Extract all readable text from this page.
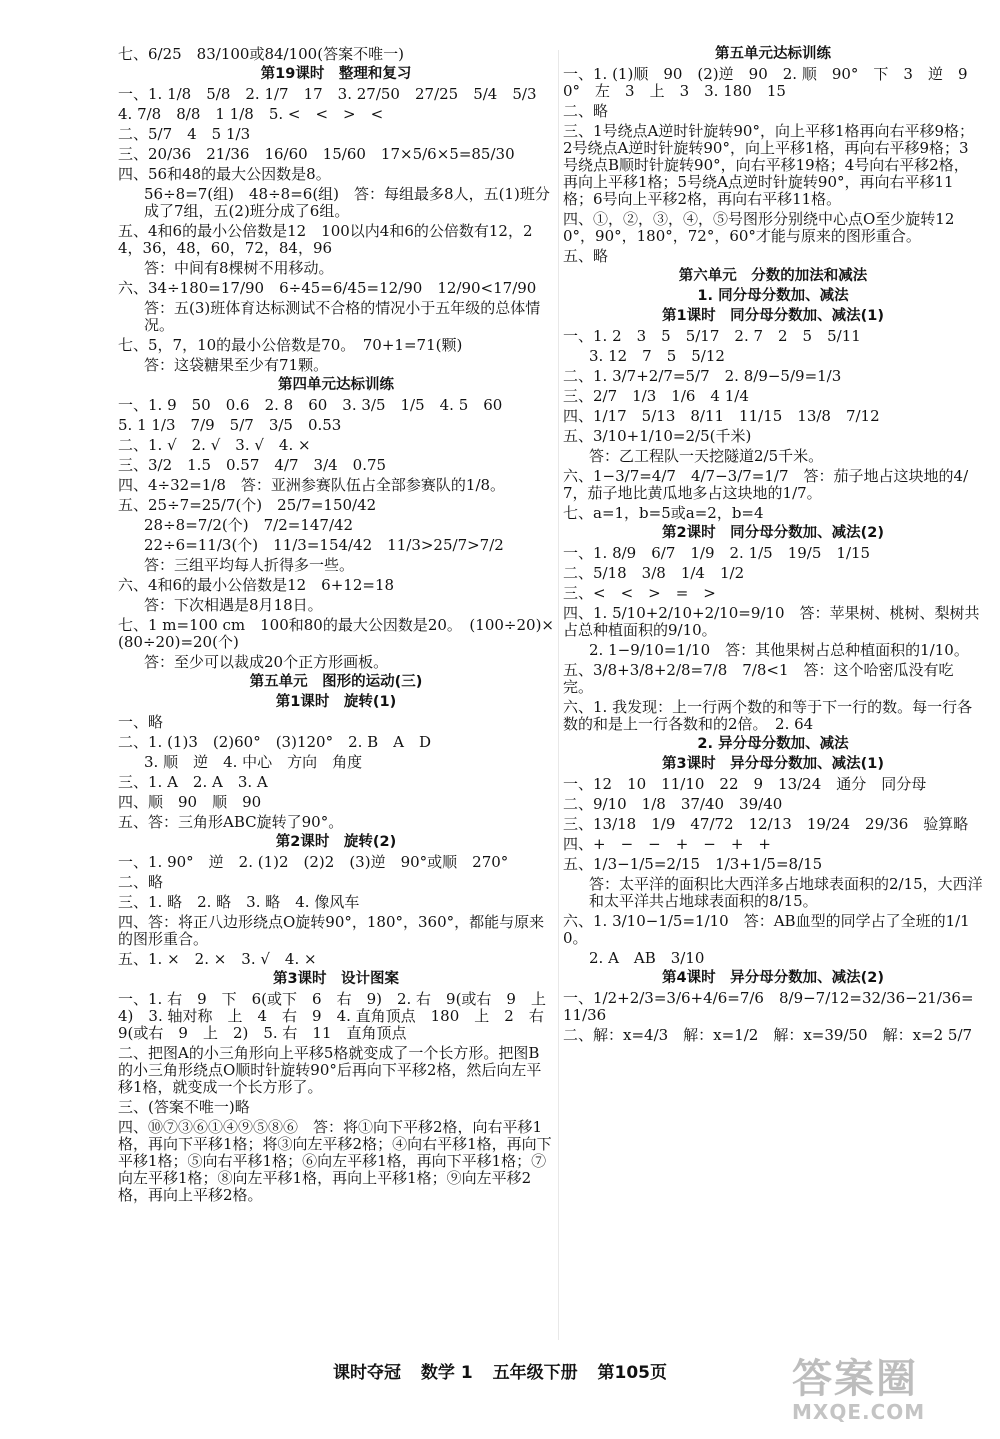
七、6/25　83/100或84/100(答案不唯一)
第19课时　整理和复习
一、1. 1/8　5/8　2. 1/7　17　3. 27/50　27/25　5/4　5/3
4. 7/8　8/8　1 1/8　5. <　<　>　<
二、5/7　4　5 1/3
三、20/36　21/36　16/60　15/60　17×5/6×5=85/30
四、56和48的最大公因数是8。
56÷8=7(组)　48÷8=6(组)　答：每组最多8人，五(1)班分成了7组，五(2)班分成了6组。
五、4和6的最小公倍数是12　100以内4和6的公倍数有12，24，36，48，60，72，84，96
答：中间有8棵树不用移动。
六、34÷180=17/90　6÷45=6/45=12/90　12/90<17/90
答：五(3)班体育达标测试不合格的情况小于五年级的总体情况。
七、5，7，10的最小公倍数是70。　70+1=71(颗)
答：这袋糖果至少有71颗。
第四单元达标训练
一、1. 9　50　0.6　2. 8　60　3. 3/5　1/5　4. 5　60
5. 1 1/3　7/9　5/7　3/5　0.53
二、1. √　2. √　3. √　4. ×
三、3/2　1.5　0.57　4/7　3/4　0.75
四、4÷32=1/8　答：亚洲参赛队伍占全部参赛队的1/8。
五、25÷7=25/7(个)　25/7=150/42
28÷8=7/2(个)　7/2=147/42
22÷6=11/3(个)　11/3=154/42　11/3>25/7>7/2
答：三组平均每人折得多一些。
六、4和6的最小公倍数是12　6+12=18
答：下次相遇是8月18日。
七、1 m=100 cm　100和80的最大公因数是20。　(100÷20)×(80÷20)=20(个)
答：至少可以裁成20个正方形画板。
第五单元　图形的运动(三)
第1课时　旋转(1)
一、略
二、1. (1)3　(2)60°　(3)120°　2. B　A　D
3. 顺　逆　4. 中心　方向　角度
三、1. A　2. A　3. A
四、顺　90　顺　90
五、答：三角形ABC旋转了90°。
第2课时　旋转(2)
一、1. 90°　逆　2. (1)2　(2)2　(3)逆　90°或顺　270°
二、略
三、1. 略　2. 略　3. 略　4. 像风车
四、答：将正八边形绕点O旋转90°，180°，360°，都能与原来的图形重合。
五、1. ×　2. ×　3. √　4. ×
第3课时　设计图案
一、1. 右　9　下　6(或下　6　右　9)　2. 右　9(或右　9　上　4)　3. 轴对称　上　4　右　9　4. 直角顶点　180　上　2　右　9(或右　9　上　2)　5. 右　11　直角顶点
二、把图A的小三角形向上平移5格就变成了一个长方形。把图B的小三角形绕点O顺时针旋转90°后再向下平移2格，然后向左平移1格，就变成一个长方形了。
三、(答案不唯一)略
四、⑩⑦③⑥①④⑨⑤⑧⑥　答：将①向下平移2格，向右平移1格，再向下平移1格；将③向左平移2格；④向右平移1格，再向下平移1格；⑤向右平移1格；⑥向左平移1格，再向下平移1格；⑦向左平移1格；⑧向左平移1格，再向上平移1格；⑨向左平移2格，再向上平移2格。
第五单元达标训练
一、1. (1)顺　90　(2)逆　90　2. 顺　90°　下　3　逆　90°　左　3　上　3　3. 180　15
二、略
三、1号绕点A逆时针旋转90°，向上平移1格再向右平移9格；2号绕点A逆时针旋转90°，向上平移1格，再向右平移9格；3号绕点B顺时针旋转90°，向右平移19格；4号向右平移2格，再向上平移1格；5号绕A点逆时针旋转90°，再向右平移11格；6号向上平移2格，再向右平移11格。
四、①，②，③，④，⑤号图形分别绕中心点O至少旋转120°，90°，180°，72°，60°才能与原来的图形重合。
五、略
第六单元　分数的加法和减法
1. 同分母分数加、减法
第1课时　同分母分数加、减法(1)
一、1. 2　3　5　5/17　2. 7　2　5　5/11
3. 12　7　5　5/12
二、1. 3/7+2/7=5/7　2. 8/9−5/9=1/3
三、2/7　1/3　1/6　4 1/4
四、1/17　5/13　8/11　11/15　13/8　7/12
五、3/10+1/10=2/5(千米)
答：乙工程队一天挖隧道2/5千米。
六、1−3/7=4/7　4/7−3/7=1/7　答：茄子地占这块地的4/7，茄子地比黄瓜地多占这块地的1/7。
七、a=1，b=5或a=2，b=4
第2课时　同分母分数加、减法(2)
一、1. 8/9　6/7　1/9　2. 1/5　19/5　1/15
二、5/18　3/8　1/4　1/2
三、<　<　>　=　>
四、1. 5/10+2/10+2/10=9/10　答：苹果树、桃树、梨树共占总种植面积的9/10。
2. 1−9/10=1/10　答：其他果树占总种植面积的1/10。
五、3/8+3/8+2/8=7/8　7/8<1　答：这个哈密瓜没有吃完。
六、1. 我发现：上一行两个数的和等于下一行的数。每一行各数的和是上一行各数和的2倍。　2. 64
2. 异分母分数加、减法
第3课时　异分母分数加、减法(1)
一、12　10　11/10　22　9　13/24　通分　同分母
二、9/10　1/8　37/40　39/40
三、13/18　1/9　47/72　12/13　19/24　29/36　验算略
四、+　−　−　+　−　+　+
五、1/3−1/5=2/15　1/3+1/5=8/15
答：太平洋的面积比大西洋多占地球表面积的2/15，大西洋和太平洋共占地球表面积的8/15。
六、1. 3/10−1/5=1/10　答：AB血型的同学占了全班的1/10。
2. A　AB　3/10
第4课时　异分母分数加、减法(2)
一、1/2+2/3=3/6+4/6=7/6　8/9−7/12=32/36−21/36=11/36
二、解：x=4/3　解：x=1/2　解：x=39/50　解：x=2 5/7
课时夺冠 数学 1 五年级下册 第105页	答案圈
MXQE.COM
